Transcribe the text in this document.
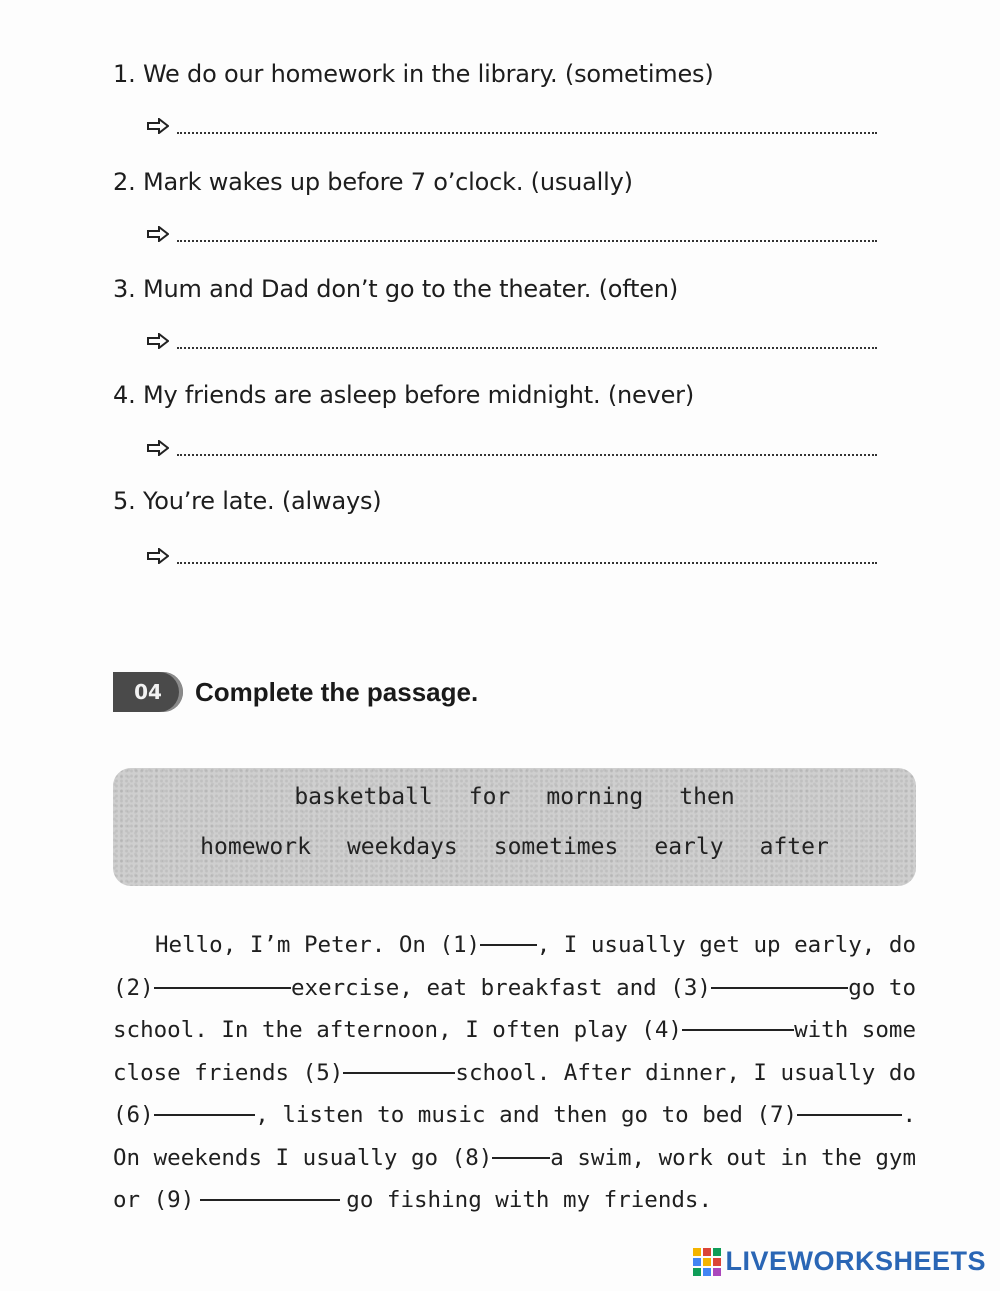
1. We do our homework in the library. (sometimes)
2. Mark wakes up before 7 o’clock. (usually)
3. Mum and Dad don’t go to the theater. (often)
4. My friends are asleep before midnight. (never)
5. You’re late. (always)
04	Complete the passage.
basketball for morning then
homework weekdays sometimes early after
Hello, I’m Peter. On (1)	, I usually get up early, do
(2)	exercise, eat breakfast and (3)	go to
school. In the afternoon, I often play (4)	with some
close friends (5)	school. After dinner, I usually do
(6)	, listen to music and then go to bed (7)	.
On weekends I usually go (8)	a swim, work out in the gym
or (9)	go fishing with my friends.
LIVEWORKSHEETS
